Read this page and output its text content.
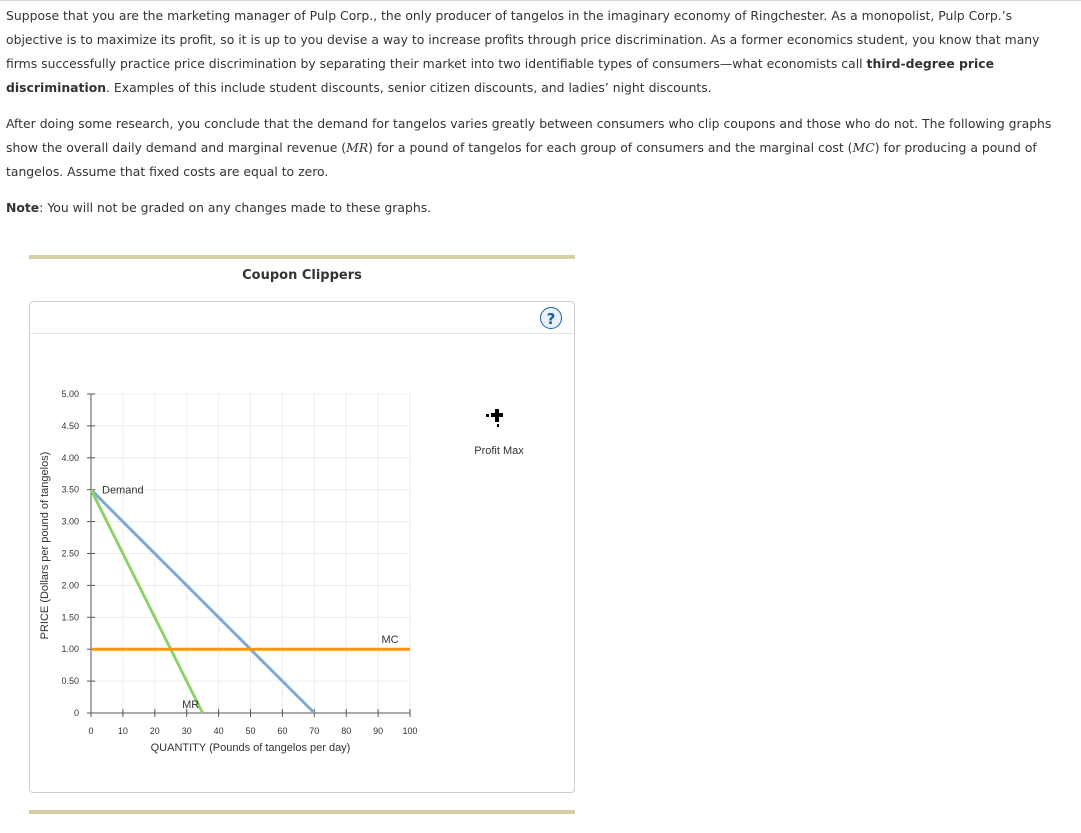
Suppose that you are the marketing manager of Pulp Corp., the only producer of tangelos in the imaginary economy of Ringchester. As a monopolist, Pulp Corp.’s objective is to maximize its profit, so it is up to you devise a way to increase profits through price discrimination. As a former economics student, you know that many firms successfully practice price discrimination by separating their market into two identifiable types of consumers—what economists call third-degree price discrimination. Examples of this include student discounts, senior citizen discounts, and ladies’ night discounts.

After doing some research, you conclude that the demand for tangelos varies greatly between consumers who clip coupons and those who do not. The following graphs show the overall daily demand and marginal revenue (MR) for a pound of tangelos for each group of consumers and the marginal cost (MC) for producing a pound of tangelos. Assume that fixed costs are equal to zero.

Note: You will not be graded on any changes made to these graphs.

Coupon Clippers
?
0
0.50
1.00
1.50
2.00
2.50
3.00
3.50
4.00
4.50
5.00
0	10 20 30 40 50 60 70 80 90 100
QUANTITY (Pounds of tangelos per day)
PRICE (Dollars per pound of tangelos)	Demand
MR
MC
Profit Max
